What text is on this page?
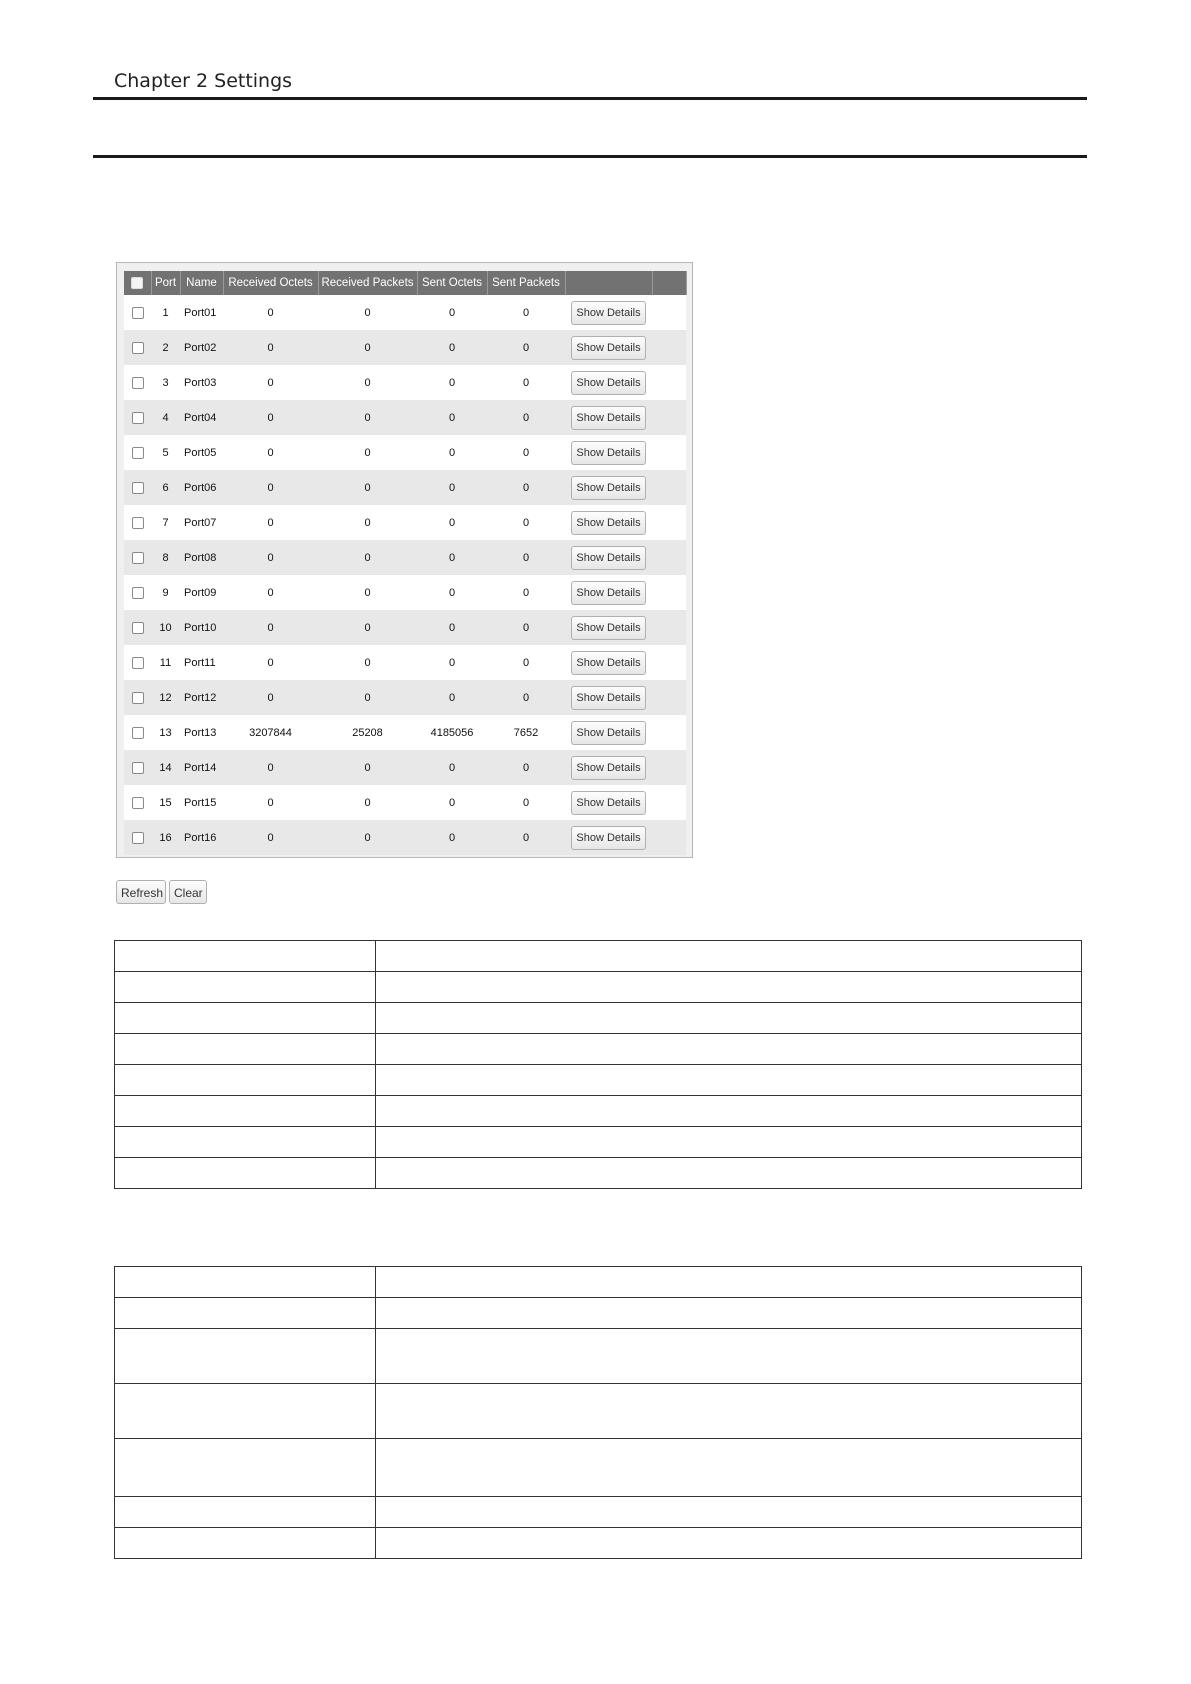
Chapter 2 Settings
	Port	Name	Received Octets	Received Packets	Sent Octets	Sent Packets		
	1	Port01	0	0	0	0	Show Details	
	2	Port02	0	0	0	0	Show Details	
	3	Port03	0	0	0	0	Show Details	
	4	Port04	0	0	0	0	Show Details	
	5	Port05	0	0	0	0	Show Details	
	6	Port06	0	0	0	0	Show Details	
	7	Port07	0	0	0	0	Show Details	
	8	Port08	0	0	0	0	Show Details	
	9	Port09	0	0	0	0	Show Details	
	10	Port10	0	0	0	0	Show Details	
	11	Port11	0	0	0	0	Show Details	
	12	Port12	0	0	0	0	Show Details	
	13	Port13	3207844	25208	4185056	7652	Show Details	
	14	Port14	0	0	0	0	Show Details	
	15	Port15	0	0	0	0	Show Details	
	16	Port16	0	0	0	0	Show Details	
Refresh Clear
